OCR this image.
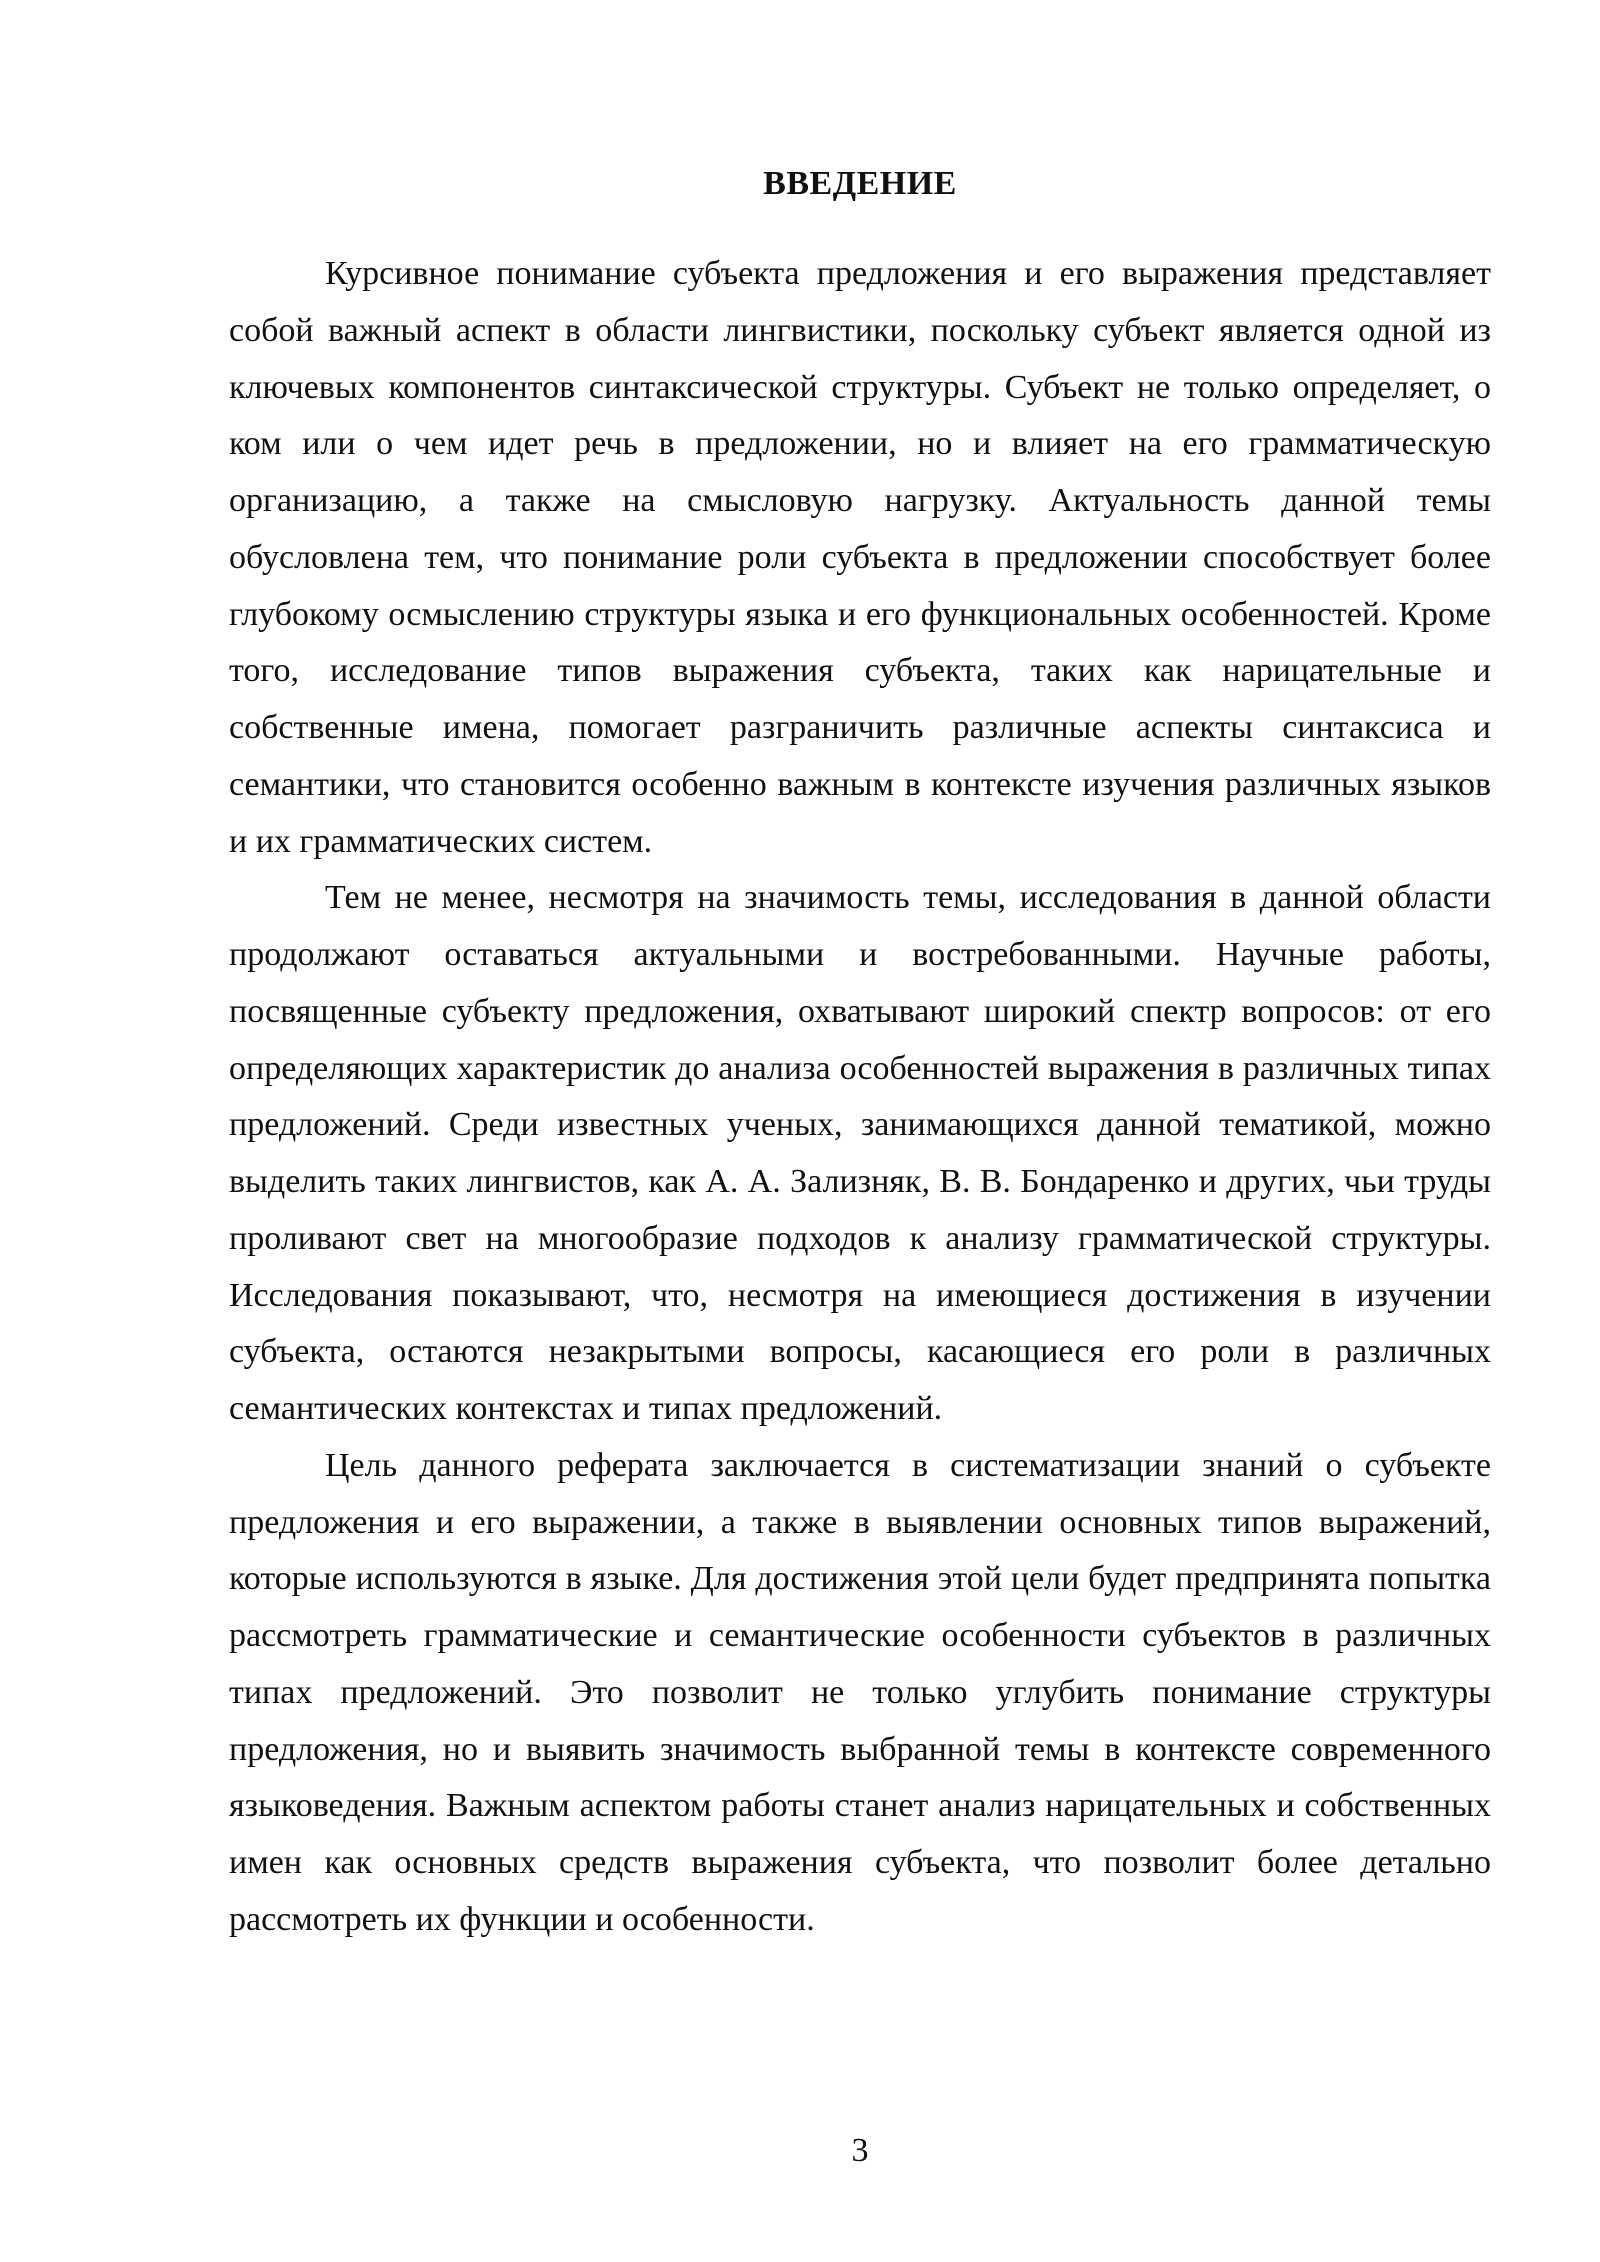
ВВЕДЕНИЕ

Курсивное понимание субъекта предложения и его выражения представляет собой важный аспект в области лингвистики, поскольку субъект является одной из ключевых компонентов синтаксической структуры. Субъект не только определяет, о ком или о чем идет речь в предложении, но и влияет на его грамматическую организацию, а также на смысловую нагрузку. Актуальность данной темы обусловлена тем, что понимание роли субъекта в предложении способствует более глубокому осмыслению структуры языка и его функциональных особенностей. Кроме того, исследование типов выражения субъекта, таких как нарицательные и собственные имена, помогает разграничить различные аспекты синтаксиса и семантики, что становится особенно важным в контексте изучения различных языков и их грамматических систем.

Тем не менее, несмотря на значимость темы, исследования в данной области продолжают оставаться актуальными и востребованными. Научные работы, посвященные субъекту предложения, охватывают широкий спектр вопросов: от его определяющих характеристик до анализа особенностей выражения в различных типах предложений. Среди известных ученых, занимающихся данной тематикой, можно выделить таких лингвистов, как А. А. Зализняк, В. В. Бондаренко и других, чьи труды проливают свет на многообразие подходов к анализу грамматической структуры. Исследования показывают, что, несмотря на имеющиеся достижения в изучении субъекта, остаются незакрытыми вопросы, касающиеся его роли в различных семантических контекстах и типах предложений.

Цель данного реферата заключается в систематизации знаний о субъекте предложения и его выражении, а также в выявлении основных типов выражений, которые используются в языке. Для достижения этой цели будет предпринята попытка рассмотреть грамматические и семантические особенности субъектов в различных типах предложений. Это позволит не только углубить понимание структуры предложения, но и выявить значимость выбранной темы в контексте современного языковедения. Важным аспектом работы станет анализ нарицательных и собственных имен как основных средств выражения субъекта, что позволит более детально рассмотреть их функции и особенности.

3
